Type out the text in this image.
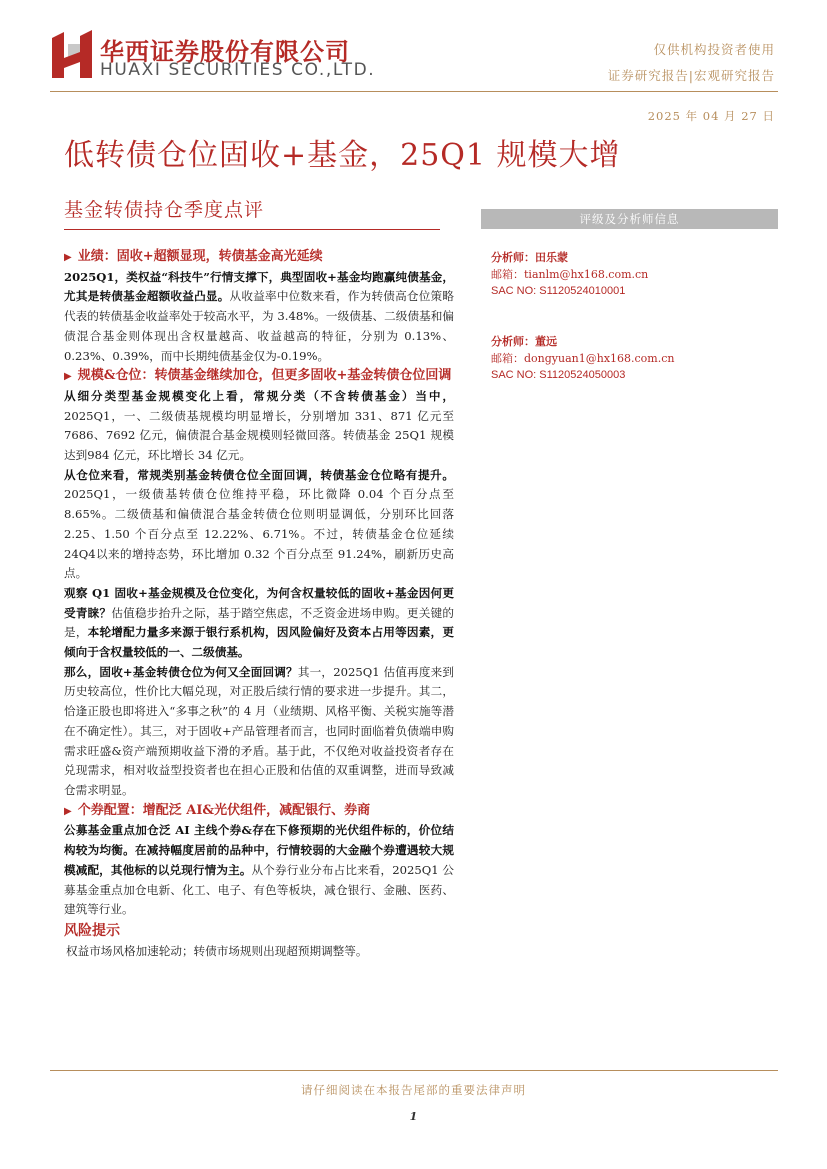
华西证券股份有限公司
HUAXI SECURITIES CO.,LTD.
仅供机构投资者使用
证券研究报告|宏观研究报告
2025 年 04 月 27 日
低转债仓位固收+基金，25Q1 规模大增
基金转债持仓季度点评	评级及分析师信息
分析师：田乐蒙
邮箱：tianlm@hx168.com.cn
SAC NO: S1120524010001
分析师：董远
邮箱：dongyuan1@hx168.com.cn
SAC NO: S1120524050003
▶ 业绩：固收+超额显现，转债基金高光延续

2025Q1，类权益“科技牛”行情支撑下，典型固收+基金均跑赢纯债基金，尤其是转债基金超额收益凸显。从收益率中位数来看，作为转债高仓位策略代表的转债基金收益率处于较高水平，为 3.48%。一级债基、二级债基和偏债混合基金则体现出含权量越高、收益越高的特征，分别为 0.13%、0.23%、0.39%，而中长期纯债基金仅为-0.19%。

▶ 规模&仓位：转债基金继续加仓，但更多固收+基金转债仓位回调

从细分类型基金规模变化上看，常规分类（不含转债基金）当中，2025Q1，一、二级债基规模均明显增长，分别增加 331、871 亿元至 7686、7692 亿元，偏债混合基金规模则轻微回落。转债基金 25Q1 规模达到984 亿元，环比增长 34 亿元。

从仓位来看，常规类别基金转债仓位全面回调，转债基金仓位略有提升。2025Q1，一级债基转债仓位维持平稳，环比微降 0.04 个百分点至 8.65%。二级债基和偏债混合基金转债仓位则明显调低，分别环比回落 2.25、1.50 个百分点至 12.22%、6.71%。不过，转债基金仓位延续24Q4以来的增持态势，环比增加 0.32 个百分点至 91.24%，刷新历史高点。

观察 Q1 固收+基金规模及仓位变化，为何含权量较低的固收+基金因何更受青睐？估值稳步抬升之际，基于踏空焦虑，不乏资金进场申购。更关键的是，本轮增配力量多来源于银行系机构，因风险偏好及资本占用等因素，更倾向于含权量较低的一、二级债基。

那么，固收+基金转债仓位为何又全面回调？其一，2025Q1 估值再度来到历史较高位，性价比大幅兑现，对正股后续行情的要求进一步提升。其二，恰逢正股也即将进入“多事之秋”的 4 月（业绩期、风格平衡、关税实施等潜在不确定性）。其三，对于固收+产品管理者而言，也同时面临着负债端申购需求旺盛&资产端预期收益下滑的矛盾。基于此，不仅绝对收益投资者存在兑现需求，相对收益型投资者也在担心正股和估值的双重调整，进而导致减仓需求明显。

▶ 个券配置：增配泛 AI&光伏组件，减配银行、券商

公募基金重点加仓泛 AI 主线个券&存在下修预期的光伏组件标的，价位结构较为均衡。在减持幅度居前的品种中，行情较弱的大金融个券遭遇较大规模减配，其他标的以兑现行情为主。从个券行业分布占比来看，2025Q1 公募基金重点加仓电新、化工、电子、有色等板块，减仓银行、金融、医药、建筑等行业。

风险提示

权益市场风格加速轮动；转债市场规则出现超预期调整等。

请仔细阅读在本报告尾部的重要法律声明
1
